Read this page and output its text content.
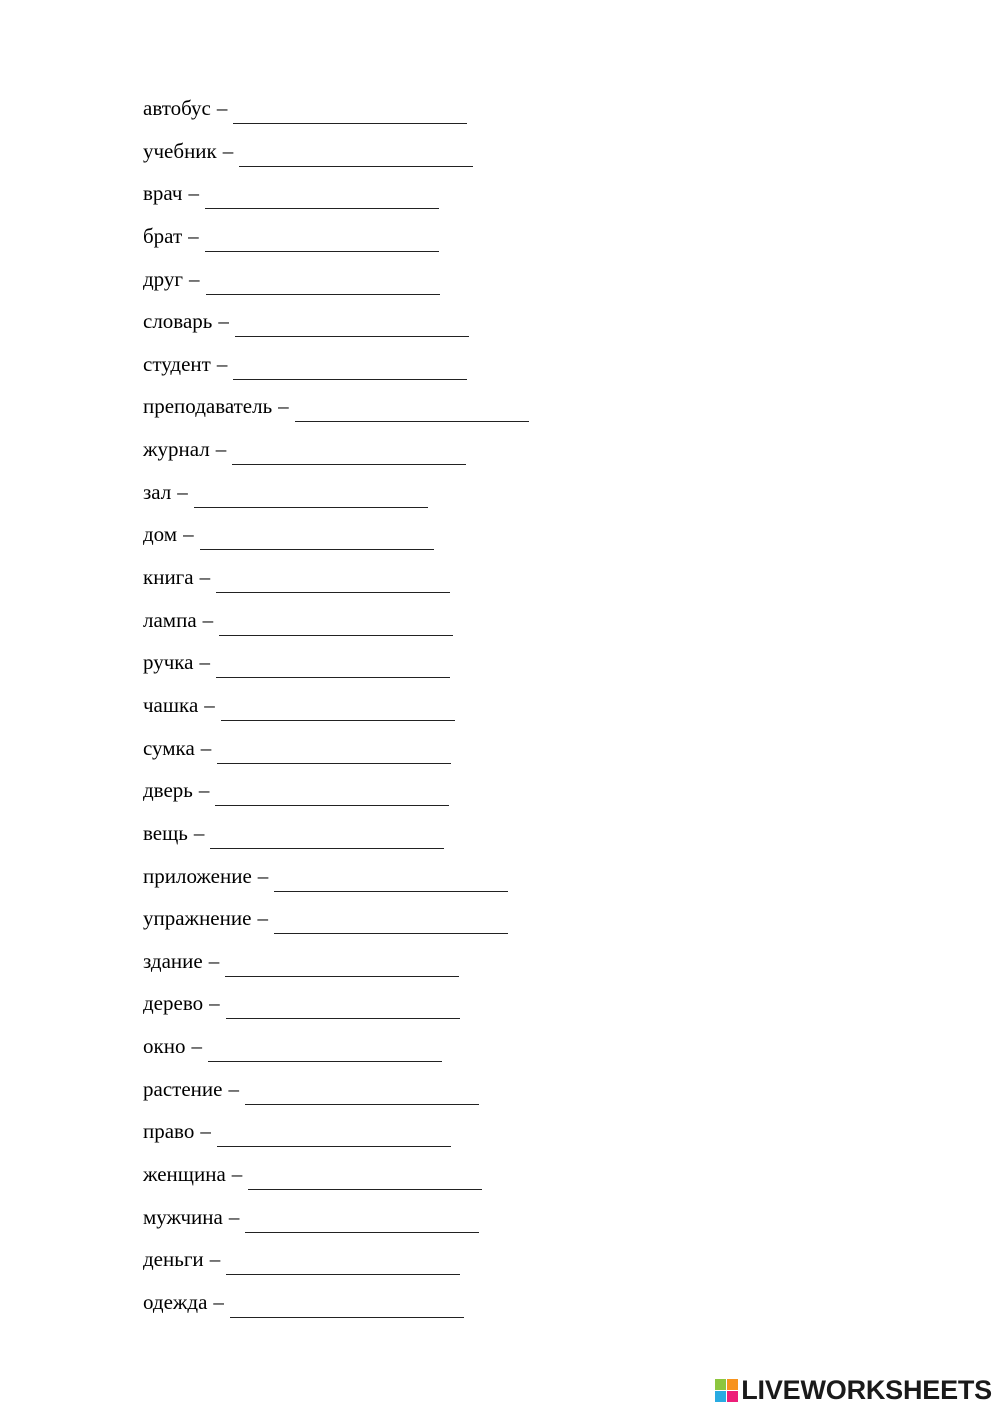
автобус –
учебник –
врач –
брат –
друг –
словарь –
студент –
преподаватель –
журнал –
зал –
дом –
книга –
лампа –
ручка –
чашка –
сумка –
дверь –
вещь –
приложение –
упражнение –
здание –
дерево –
окно –
растение –
право –
женщина –
мужчина –
деньги –
одежда –
LIVEWORKSHEETS
